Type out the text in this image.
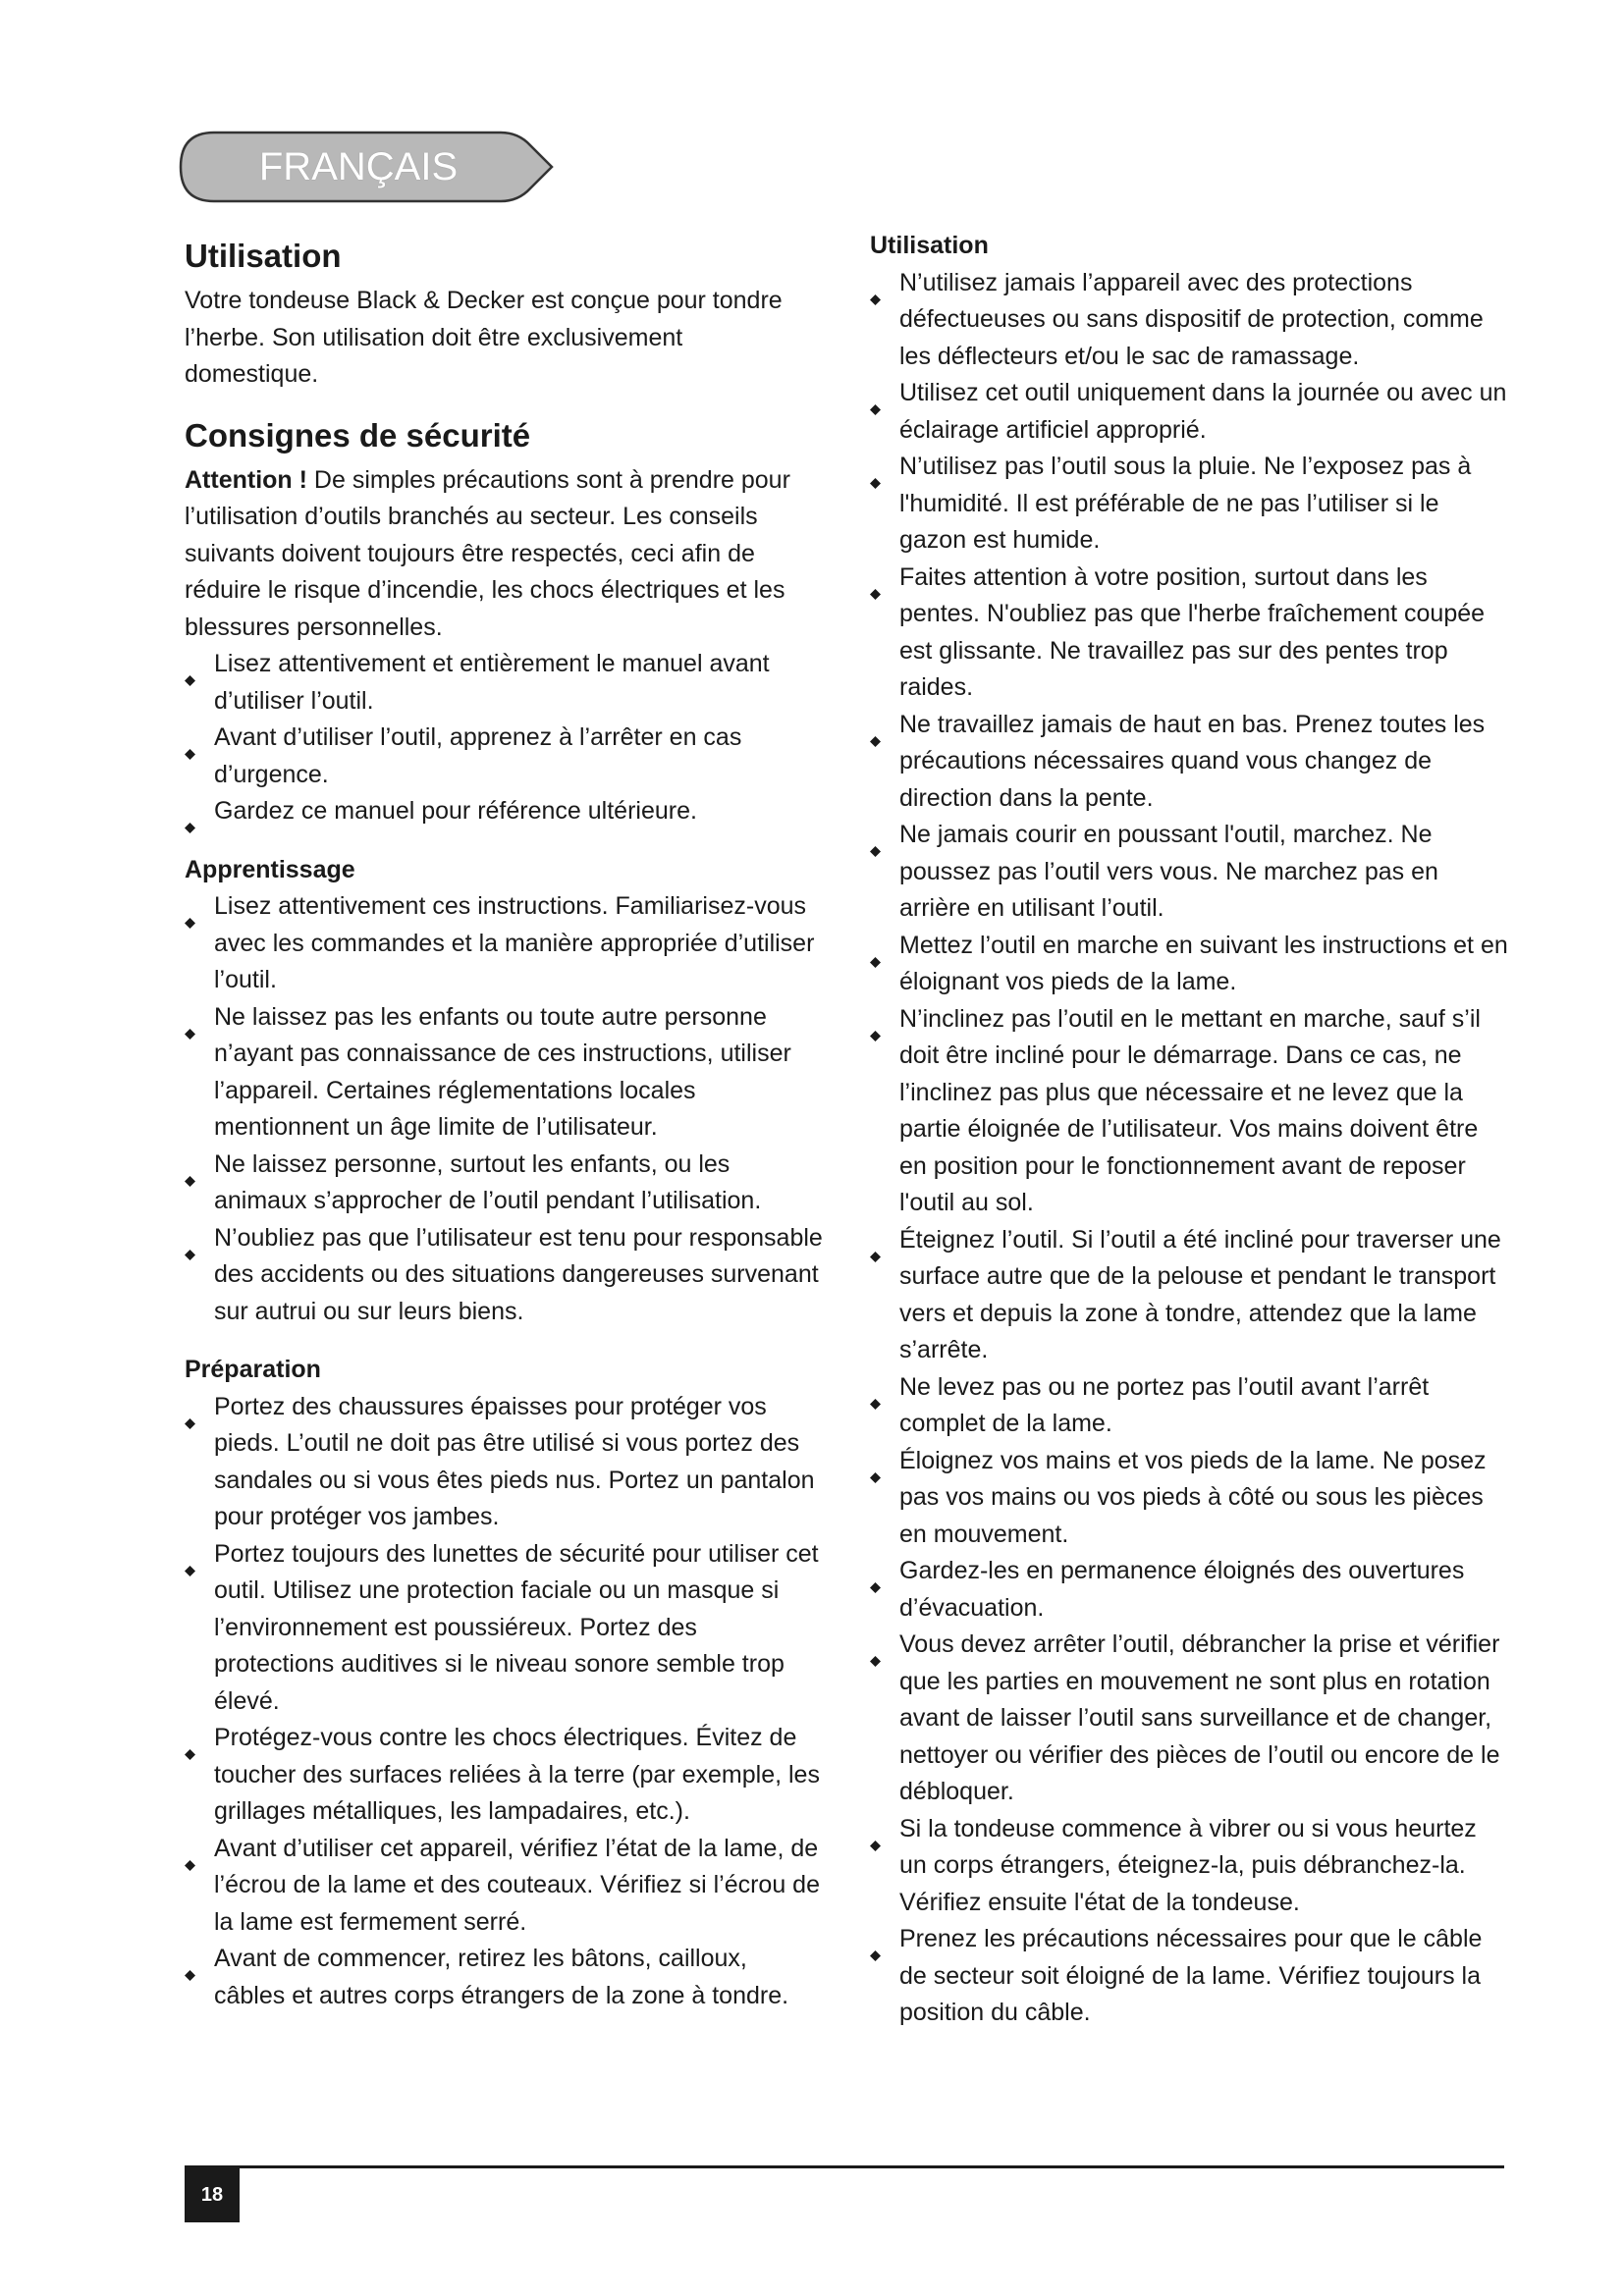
FRANÇAIS
Utilisation

Votre tondeuse Black & Decker est conçue pour tondre l’herbe. Son utilisation doit être exclusivement domestique.

Consignes de sécurité

Attention ! De simples précautions sont à prendre pour l’utilisation d’outils branchés au secteur. Les conseils suivants doivent toujours être respectés, ceci afin de réduire le risque d’incendie, les chocs électriques et les blessures personnelles.

Lisez attentivement et entièrement le manuel avant d’utiliser l’outil.
Avant d’utiliser l’outil, apprenez à l’arrêter en cas d’urgence.
Gardez ce manuel pour référence ultérieure.
Apprentissage
Lisez attentivement ces instructions. Familiarisez-vous avec les commandes et la manière appropriée d’utiliser l’outil.
Ne laissez pas les enfants ou toute autre personne n’ayant pas connaissance de ces instructions, utiliser l’appareil. Certaines réglementations locales mentionnent un âge limite de l’utilisateur.
Ne laissez personne, surtout les enfants, ou les animaux s’approcher de l’outil pendant l’utilisation.
N’oubliez pas que l’utilisateur est tenu pour responsable des accidents ou des situations dangereuses survenant sur autrui ou sur leurs biens.
Préparation
Portez des chaussures épaisses pour protéger vos pieds. L’outil ne doit pas être utilisé si vous portez des sandales ou si vous êtes pieds nus. Portez un pantalon pour protéger vos jambes.
Portez toujours des lunettes de sécurité pour utiliser cet outil. Utilisez une protection faciale ou un masque si l’environnement est poussiéreux. Portez des protections auditives si le niveau sonore semble trop élevé.
Protégez-vous contre les chocs électriques. Évitez de toucher des surfaces reliées à la terre (par exemple, les grillages métalliques, les lampadaires, etc.).
Avant d’utiliser cet appareil, vérifiez l’état de la lame, de l’écrou de la lame et des couteaux. Vérifiez si l’écrou de la lame est fermement serré.
Avant de commencer, retirez les bâtons, cailloux, câbles et autres corps étrangers de la zone à tondre.
Utilisation
N’utilisez jamais l’appareil avec des protections défectueuses ou sans dispositif de protection, comme les déflecteurs et/ou le sac de ramassage.
Utilisez cet outil uniquement dans la journée ou avec un éclairage artificiel approprié.
N’utilisez pas l’outil sous la pluie. Ne l’exposez pas à l'humidité. Il est préférable de ne pas l’utiliser si le gazon est humide.
Faites attention à votre position, surtout dans les pentes. N'oubliez pas que l'herbe fraîchement coupée est glissante. Ne travaillez pas sur des pentes trop raides.
Ne travaillez jamais de haut en bas. Prenez toutes les précautions nécessaires quand vous changez de direction dans la pente.
Ne jamais courir en poussant l'outil, marchez. Ne poussez pas l’outil vers vous. Ne marchez pas en arrière en utilisant l’outil.
Mettez l’outil en marche en suivant les instructions et en éloignant vos pieds de la lame.
N’inclinez pas l’outil en le mettant en marche, sauf s’il doit être incliné pour le démarrage. Dans ce cas, ne l’inclinez pas plus que nécessaire et ne levez que la partie éloignée de l’utilisateur. Vos mains doivent être en position pour le fonctionnement avant de reposer l'outil au sol.
Éteignez l’outil. Si l’outil a été incliné pour traverser une surface autre que de la pelouse et pendant le transport vers et depuis la zone à tondre, attendez que la lame s’arrête.
Ne levez pas ou ne portez pas l’outil avant l’arrêt complet de la lame.
Éloignez vos mains et vos pieds de la lame. Ne posez pas vos mains ou vos pieds à côté ou sous les pièces en mouvement.
Gardez-les en permanence éloignés des ouvertures d’évacuation.
Vous devez arrêter l’outil, débrancher la prise et vérifier que les parties en mouvement ne sont plus en rotation avant de laisser l’outil sans surveillance et de changer, nettoyer ou vérifier des pièces de l’outil ou encore de le débloquer.
Si la tondeuse commence à vibrer ou si vous heurtez un corps étrangers, éteignez-la, puis débranchez-la. Vérifiez ensuite l'état de la tondeuse.
Prenez les précautions nécessaires pour que le câble de secteur soit éloigné de la lame. Vérifiez toujours la position du câble.
18
